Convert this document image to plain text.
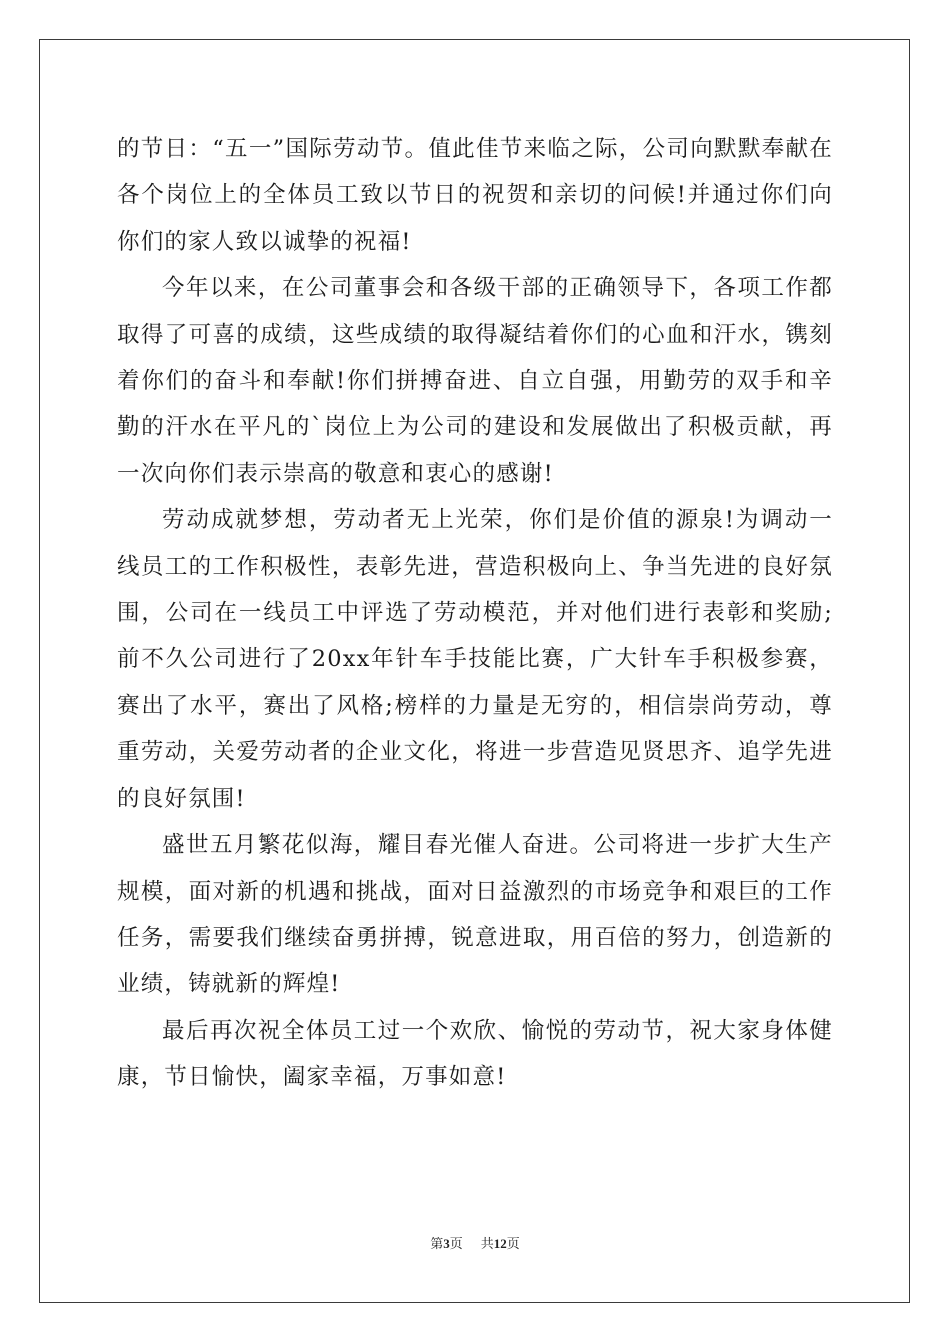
的节日：“五一”国际劳动节。值此佳节来临之际，公司向默默奉献在各个岗位上的全体员工致以节日的祝贺和亲切的问候!并通过你们向你们的家人致以诚挚的祝福!

今年以来，在公司董事会和各级干部的正确领导下，各项工作都取得了可喜的成绩，这些成绩的取得凝结着你们的心血和汗水，镌刻着你们的奋斗和奉献!你们拼搏奋进、自立自强，用勤劳的双手和辛勤的汗水在平凡的`岗位上为公司的建设和发展做出了积极贡献，再一次向你们表示崇高的敬意和衷心的感谢!

劳动成就梦想，劳动者无上光荣，你们是价值的源泉!为调动一线员工的工作积极性，表彰先进，营造积极向上、争当先进的良好氛围，公司在一线员工中评选了劳动模范，并对他们进行表彰和奖励;前不久公司进行了20xx年针车手技能比赛，广大针车手积极参赛，赛出了水平，赛出了风格;榜样的力量是无穷的，相信崇尚劳动，尊重劳动，关爱劳动者的企业文化，将进一步营造见贤思齐、追学先进的良好氛围!

盛世五月繁花似海，耀目春光催人奋进。公司将进一步扩大生产规模，面对新的机遇和挑战，面对日益激烈的市场竞争和艰巨的工作任务，需要我们继续奋勇拼搏，锐意进取，用百倍的努力，创造新的业绩，铸就新的辉煌!

最后再次祝全体员工过一个欢欣、愉悦的劳动节，祝大家身体健康，节日愉快，阖家幸福，万事如意!

第3页 共12页
